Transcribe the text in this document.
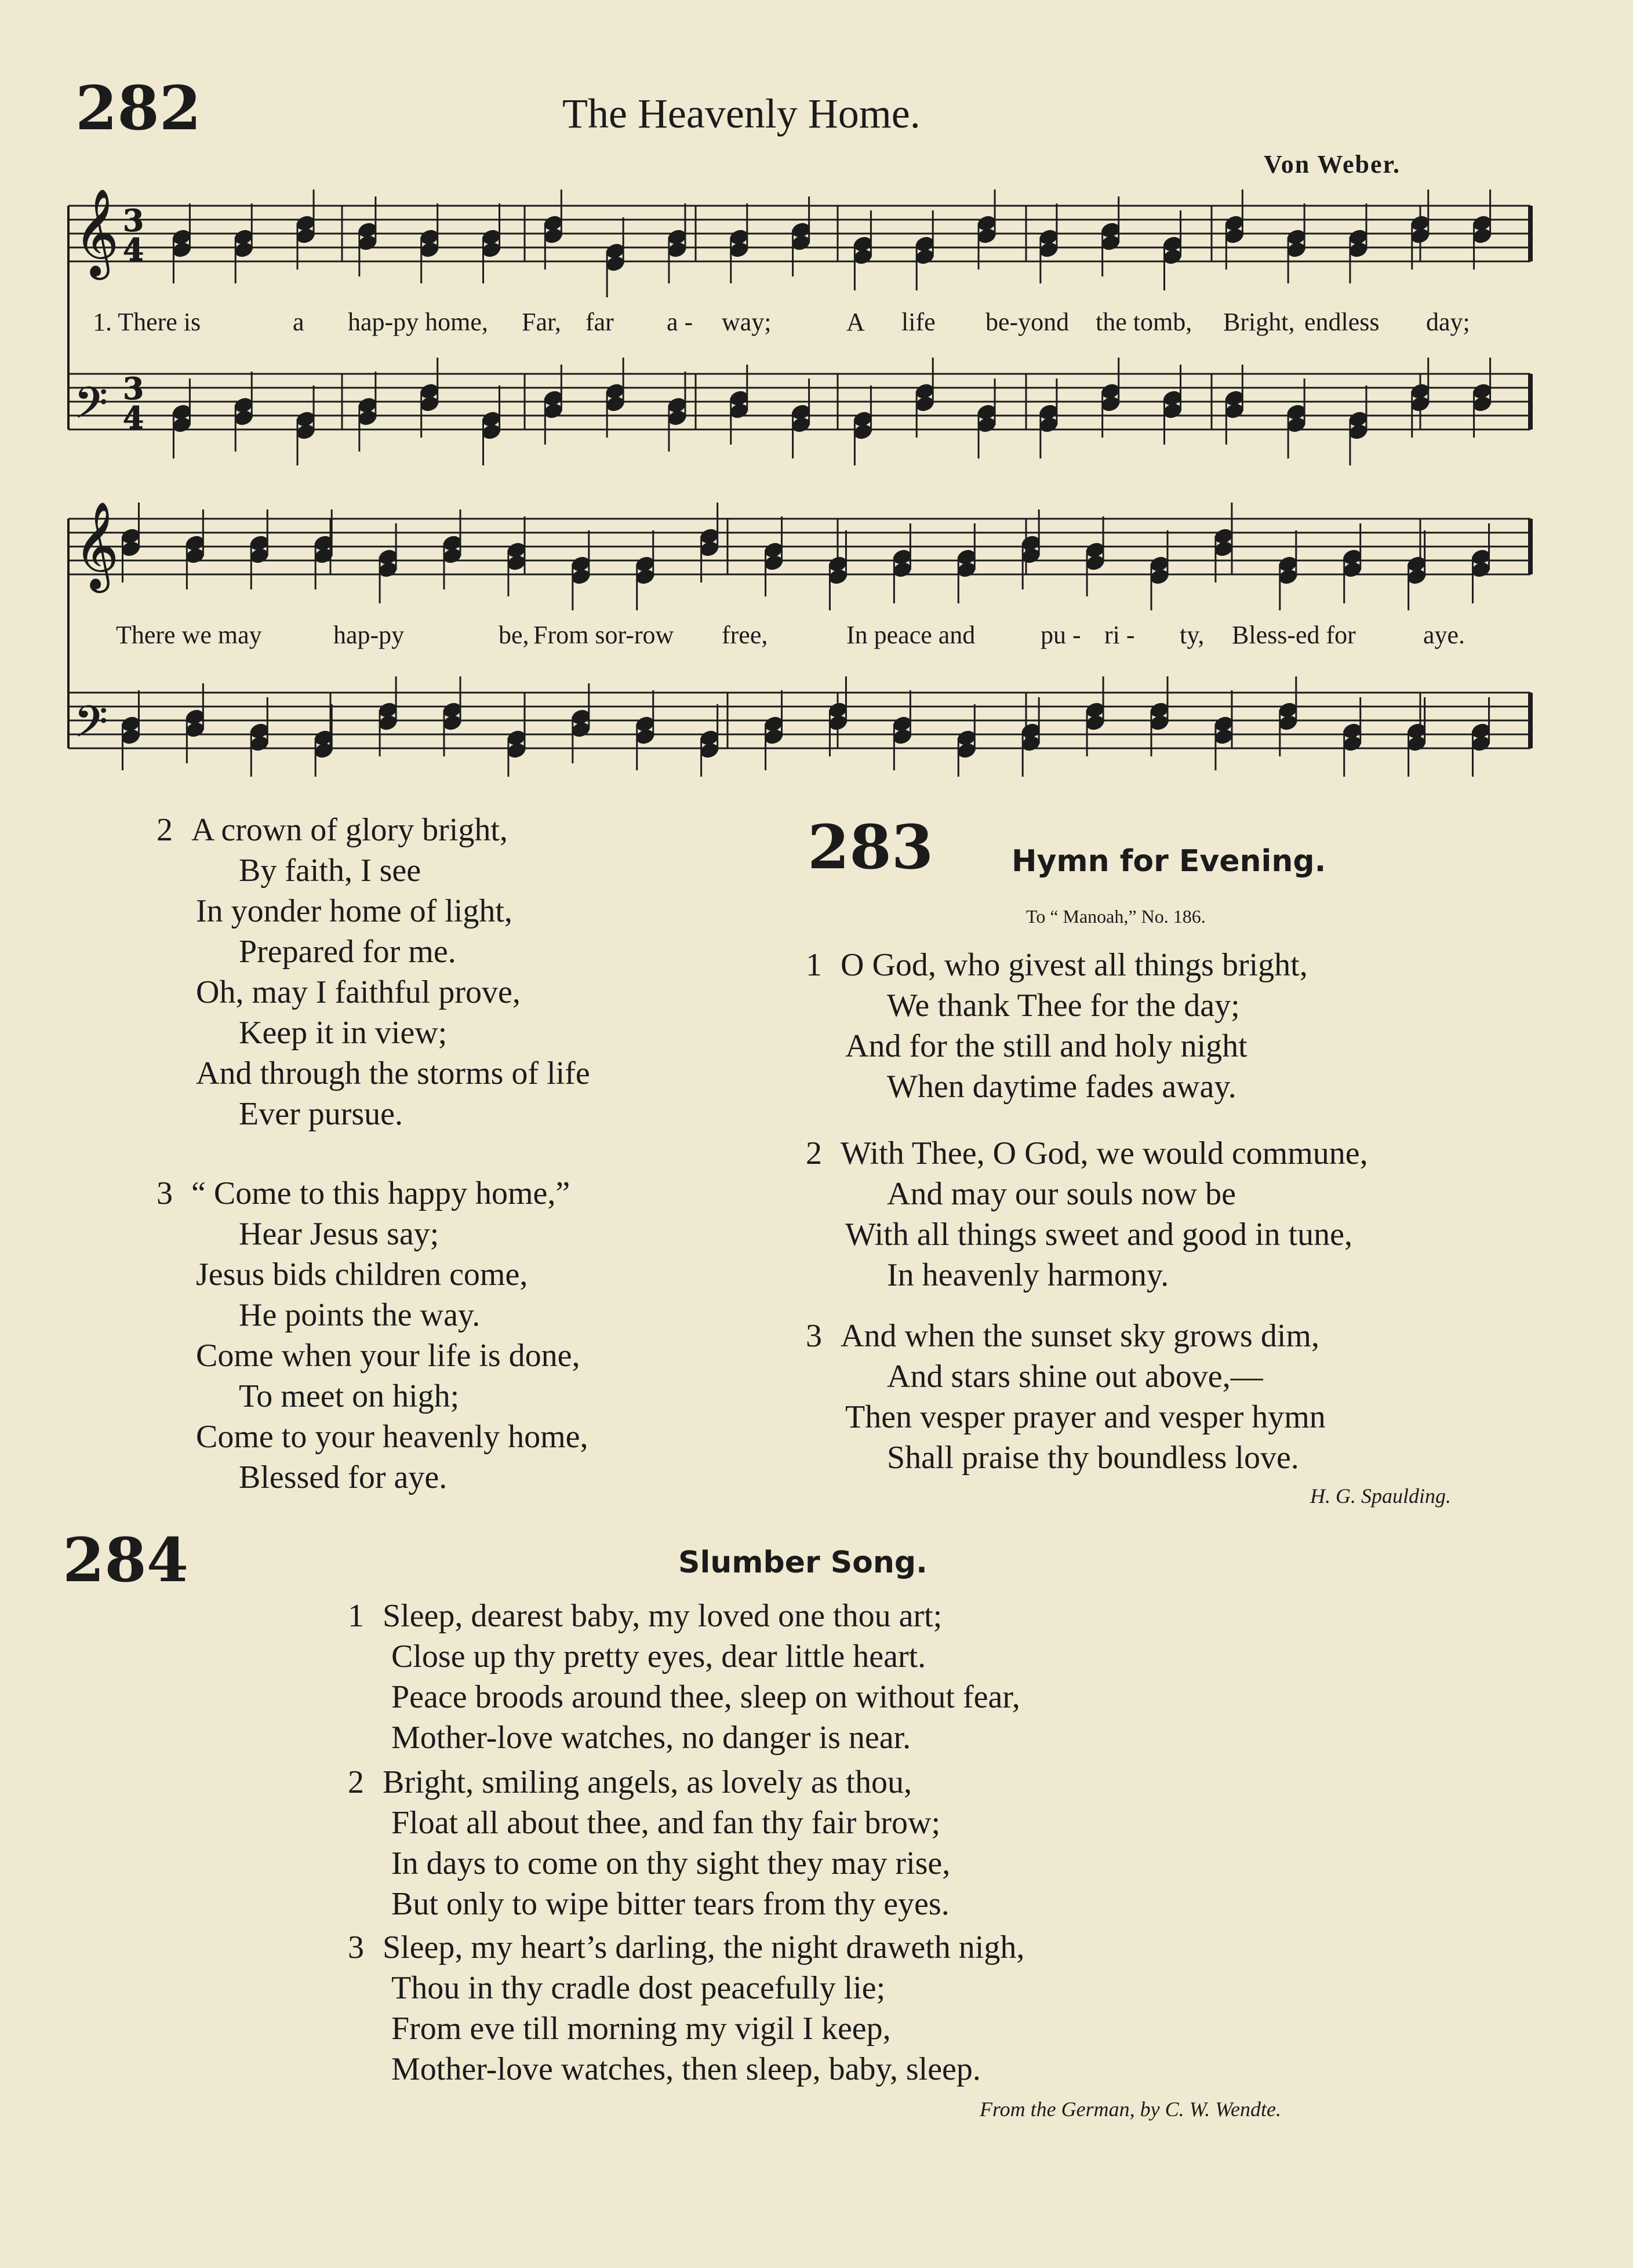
282	The Heavenly Home.
Von Weber.
𝄞
𝄢
𝄞
𝄢
3
4
3
4
1. There is	a hap-py home, Far, far a - way;	A life be-yond the tomb, Bright, endless day;
There we may	hap-py	be, From sor-row free,	In peace and	pu - ri - ty, Bless-ed for	aye.
2 A crown of glory bright,
By faith, I see
In yonder home of light,
Prepared for me.
Oh, may I faithful prove,
Keep it in view;
And through the storms of life
Ever pursue.
3 “ Come to this happy home,”
Hear Jesus say;
Jesus bids children come,
He points the way.
Come when your life is done,
To meet on high;
Come to your heavenly home,
Blessed for aye.
283	Hymn for Evening.
To “ Manoah,” No. 186.
1 O God, who givest all things bright,
We thank Thee for the day;
And for the still and holy night
When daytime fades away.
2 With Thee, O God, we would commune,
And may our souls now be
With all things sweet and good in tune,
In heavenly harmony.
3 And when the sunset sky grows dim,
And stars shine out above,—
Then vesper prayer and vesper hymn
Shall praise thy boundless love.
H. G. Spaulding.
284	Slumber Song.
1 Sleep, dearest baby, my loved one thou art;
Close up thy pretty eyes, dear little heart.
Peace broods around thee, sleep on without fear,
Mother-love watches, no danger is near.
2 Bright, smiling angels, as lovely as thou,
Float all about thee, and fan thy fair brow;
In days to come on thy sight they may rise,
But only to wipe bitter tears from thy eyes.
3 Sleep, my heart’s darling, the night draweth nigh,
Thou in thy cradle dost peacefully lie;
From eve till morning my vigil I keep,
Mother-love watches, then sleep, baby, sleep.
From the German, by C. W. Wendte.
